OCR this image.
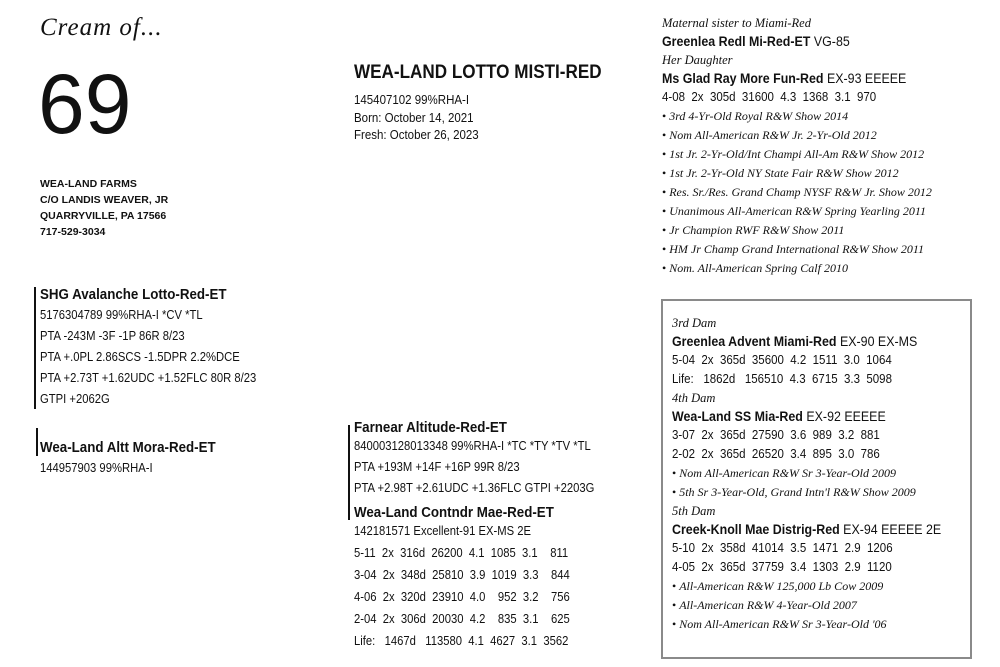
Cream of...
69
WEA-LAND FARMS
C/O LANDIS WEAVER, JR
QUARRYVILLE, PA 17566
717-529-3034
WEA-LAND LOTTO MISTI-RED
145407102 99%RHA-I
Born: October 14, 2021
Fresh: October 26, 2023
SHG Avalanche Lotto-Red-ET
5176304789 99%RHA-I *CV *TL
PTA -243M -3F -1P 86R 8/23
PTA +.0PL 2.86SCS -1.5DPR 2.2%DCE
PTA +2.73T +1.62UDC +1.52FLC 80R 8/23
GTPI +2062G
Wea-Land Altt Mora-Red-ET
144957903 99%RHA-I
Farnear Altitude-Red-ET
840003128013348 99%RHA-I *TC *TY *TV *TL
PTA +193M +14F +16P 99R 8/23
PTA +2.98T +2.61UDC +1.36FLC GTPI +2203G
Wea-Land Contndr Mae-Red-ET
142181571 Excellent-91 EX-MS 2E
5-11  2x  316d  26200  4.1  1085  3.1    811
3-04  2x  348d  25810  3.9  1019  3.3    844
4-06  2x  320d  23910  4.0    952  3.2    756
2-04  2x  306d  20030  4.2    835  3.1    625
Life:   1467d   113580  4.1  4627  3.1  3562
Maternal sister to Miami-Red
Greenlea Redl Mi-Red-ET VG-85
Her Daughter
Ms Glad Ray More Fun-Red EX-93 EEEEE
4-08  2x  305d  31600  4.3  1368  3.1  970
• 3rd 4-Yr-Old Royal R&W Show 2014
• Nom All-American R&W Jr. 2-Yr-Old 2012
• 1st Jr. 2-Yr-Old/Int Champi All-Am R&W Show 2012
• 1st Jr. 2-Yr-Old NY State Fair R&W Show 2012
• Res. Sr./Res. Grand Champ NYSF R&W Jr. Show 2012
• Unanimous All-American R&W Spring Yearling 2011
• Jr Champion RWF R&W Show 2011
• HM Jr Champ Grand International R&W Show 2011
• Nom. All-American Spring Calf 2010
3rd Dam
Greenlea Advent Miami-Red EX-90 EX-MS
5-04  2x  365d  35600  4.2  1511  3.0  1064
Life:   1862d   156510  4.3  6715  3.3  5098
4th Dam
Wea-Land SS Mia-Red EX-92 EEEEE
3-07  2x  365d  27590  3.6  989  3.2  881
2-02  2x  365d  26520  3.4  895  3.0  786
• Nom All-American R&W Sr 3-Year-Old 2009
• 5th Sr 3-Year-Old, Grand Intn'l R&W Show 2009
5th Dam
Creek-Knoll Mae Distrig-Red EX-94 EEEEE 2E
5-10  2x  358d  41014  3.5  1471  2.9  1206
4-05  2x  365d  37759  3.4  1303  2.9  1120
• All-American R&W 125,000 Lb Cow 2009
• All-American R&W 4-Year-Old 2007
• Nom All-American R&W Sr 3-Year-Old '06
